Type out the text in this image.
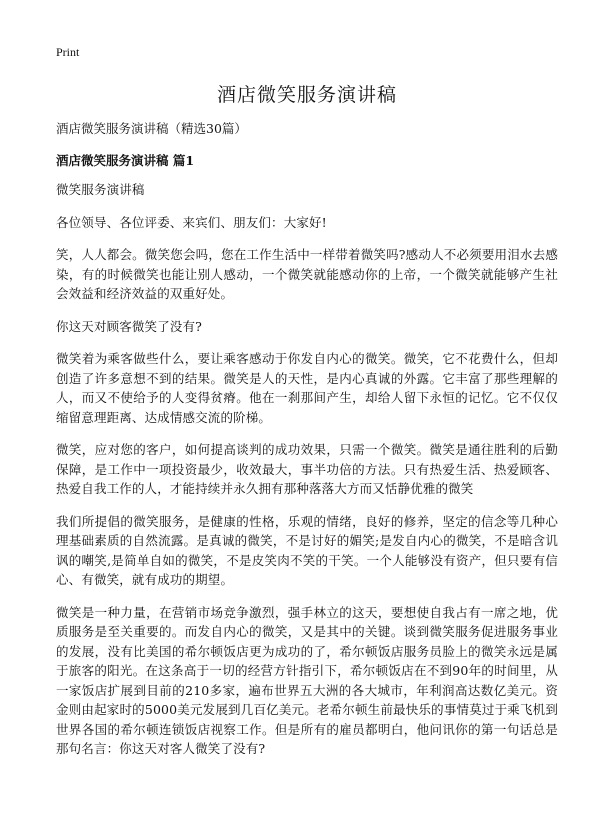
Print
酒店微笑服务演讲稿

酒店微笑服务演讲稿（精选30篇）

酒店微笑服务演讲稿 篇1

微笑服务演讲稿

各位领导、各位评委、来宾们、朋友们：大家好!

笑，人人都会。微笑您会吗，您在工作生活中一样带着微笑吗?感动人不必须要用泪水去感染，有的时候微笑也能让别人感动，一个微笑就能感动你的上帝，一个微笑就能够产生社会效益和经济效益的双重好处。

你这天对顾客微笑了没有?

微笑着为乘客做些什么，要让乘客感动于你发自内心的微笑。微笑，它不花费什么，但却创造了许多意想不到的结果。微笑是人的天性，是内心真诚的外露。它丰富了那些理解的人，而又不使给予的人变得贫瘠。他在一刹那间产生，却给人留下永恒的记忆。它不仅仅缩留意理距离、达成情感交流的阶梯。

微笑，应对您的客户，如何提高谈判的成功效果，只需一个微笑。微笑是通往胜利的后勤保障，是工作中一项投资最少，收效最大，事半功倍的方法。只有热爱生活、热爱顾客、热爱自我工作的人，才能持续并永久拥有那种落落大方而又恬静优雅的微笑

我们所提倡的微笑服务，是健康的性格，乐观的情绪，良好的修养，坚定的信念等几种心理基础素质的自然流露。是真诚的微笑，不是讨好的媚笑;是发自内心的微笑，不是暗含讥讽的嘲笑,是简单自如的微笑，不是皮笑肉不笑的干笑。一个人能够没有资产，但只要有信心、有微笑，就有成功的期望。

微笑是一种力量，在营销市场竞争激烈，强手林立的这天，要想使自我占有一席之地，优质服务是至关重要的。而发自内心的微笑，又是其中的关键。谈到微笑服务促进服务事业的发展，没有比美国的希尔顿饭店更为成功的了，希尔顿饭店服务员脸上的微笑永远是属于旅客的阳光。在这条高于一切的经营方针指引下，希尔顿饭店在不到90年的时间里，从一家饭店扩展到目前的210多家，遍布世界五大洲的各大城市，年利润高达数亿美元。资金则由起家时的5000美元发展到几百亿美元。老希尔顿生前最快乐的事情莫过于乘飞机到世界各国的希尔顿连锁饭店视察工作。但是所有的雇员都明白，他问讯你的第一句话总是那句名言：你这天对客人微笑了没有?
